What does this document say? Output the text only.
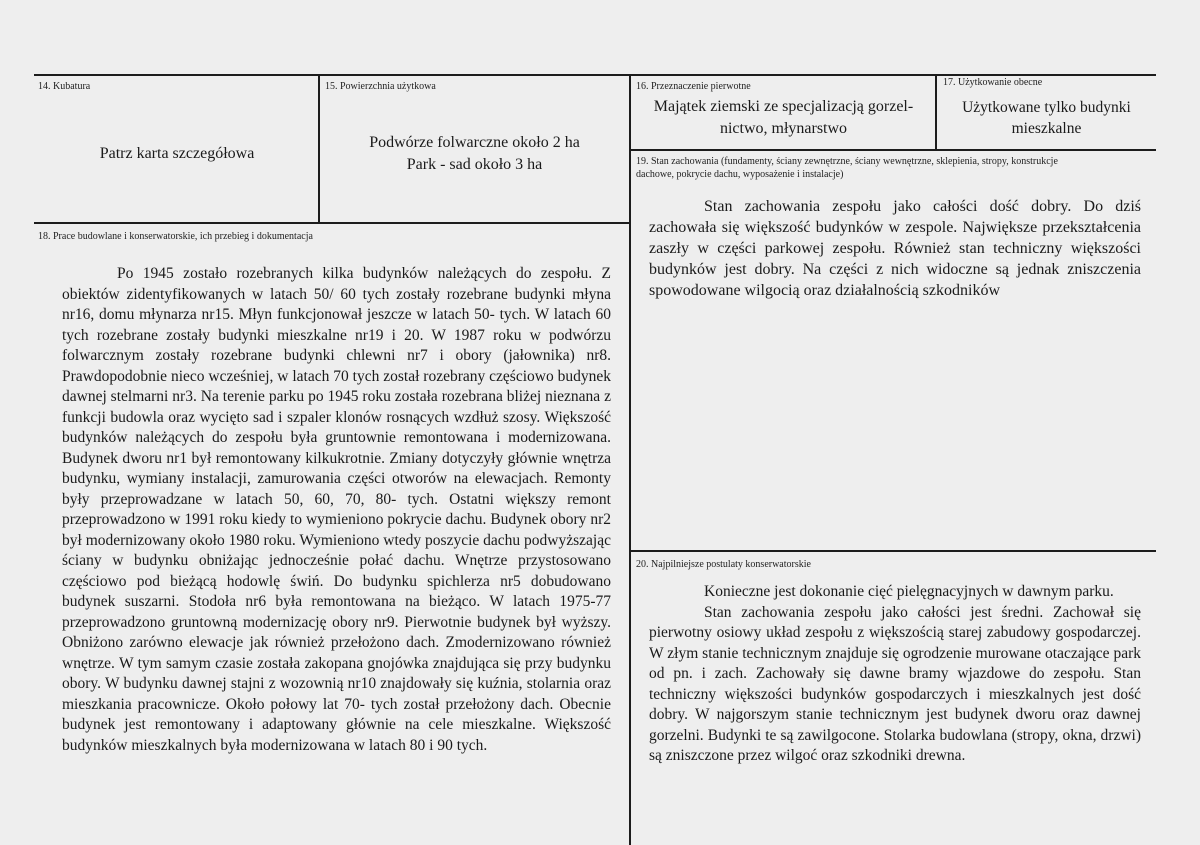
14. Kubatura
Patrz karta szczegółowa
15. Powierzchnia użytkowa
Podwórze folwarczne około 2 ha
Park - sad około 3 ha
16. Przeznaczenie pierwotne
Majątek ziemski ze specjalizacją gorzel-
nictwo, młynarstwo
17. Użytkowanie obecne
Użytkowane tylko budynki
mieszkalne
18. Prace budowlane i konserwatorskie, ich przebieg i dokumentacja

Po 1945 zostało rozebranych kilka budynków należących do zespołu. Z obiektów zidentyfikowanych w latach 50/ 60 tych zostały rozebrane budynki młyna nr16, domu młynarza nr15. Młyn funkcjonował jeszcze w latach 50- tych. W latach 60 tych rozebrane zostały budynki mieszkalne nr19 i 20. W 1987 roku w podwórzu folwarcznym zostały rozebrane budynki chlewni nr7 i obory (jałownika) nr8. Prawdopodobnie nieco wcześniej, w latach 70 tych został rozebrany częściowo budynek dawnej stelmarni nr3. Na terenie parku po 1945 roku została rozebrana bliżej nieznana z funkcji budowla oraz wycięto sad i szpaler klonów rosnących wzdłuż szosy. Większość budynków należących do zespołu była gruntownie remontowana i modernizowana. Budynek dworu nr1 był remontowany kilkukrotnie. Zmiany dotyczyły głównie wnętrza budynku, wymiany instalacji, zamurowania części otworów na elewacjach. Remonty były przeprowadzane w latach 50, 60, 70, 80- tych. Ostatni większy remont przeprowadzono w 1991 roku kiedy to wymieniono pokrycie dachu. Budynek obory nr2 był modernizowany około 1980 roku. Wymieniono wtedy poszycie dachu podwyższając ściany w budynku obniżając jednocześnie połać dachu. Wnętrze przystosowano częściowo pod bieżącą hodowlę świń. Do budynku spichlerza nr5 dobudowano budynek suszarni. Stodoła nr6 była remontowana na bieżąco. W latach 1975-77 przeprowadzono gruntowną modernizację obory nr9. Pierwotnie budynek był wyższy. Obniżono zarówno elewacje jak również przełożono dach. Zmodernizowano również wnętrze. W tym samym czasie została zakopana gnojówka znajdująca się przy budynku obory. W budynku dawnej stajni z wozownią nr10 znajdowały się kuźnia, stolarnia oraz mieszkania pracownicze. Około połowy lat 70- tych został przełożony dach. Obecnie budynek jest remontowany i adaptowany głównie na cele mieszkalne. Większość budynków mieszkalnych była modernizowana w latach 80 i 90 tych.

19. Stan zachowania (fundamenty, ściany zewnętrzne, ściany wewnętrzne, sklepienia, stropy, konstrukcje
dachowe, pokrycie dachu, wyposażenie i instalacje)

Stan zachowania zespołu jako całości dość dobry. Do dziś zachowała się większość budynków w zespole. Największe przekształcenia zaszły w części parkowej zespołu. Również stan techniczny większości budynków jest dobry. Na części z nich widoczne są jednak zniszczenia spowodowane wilgocią oraz działalnością szkodników

20. Najpilniejsze postulaty konserwatorskie

Konieczne jest dokonanie cięć pielęgnacyjnych w dawnym parku.

Stan zachowania zespołu jako całości jest średni. Zachował się pierwotny osiowy układ zespołu z większością starej zabudowy gospodarczej. W złym stanie technicznym znajduje się ogrodzenie murowane otaczające park od pn. i zach. Zachowały się dawne bramy wjazdowe do zespołu. Stan techniczny większości budynków gospodarczych i mieszkalnych jest dość dobry. W najgorszym stanie technicznym jest budynek dworu oraz dawnej gorzelni. Budynki te są zawilgocone. Stolarka budowlana (stropy, okna, drzwi) są zniszczone przez wilgoć oraz szkodniki drewna.
